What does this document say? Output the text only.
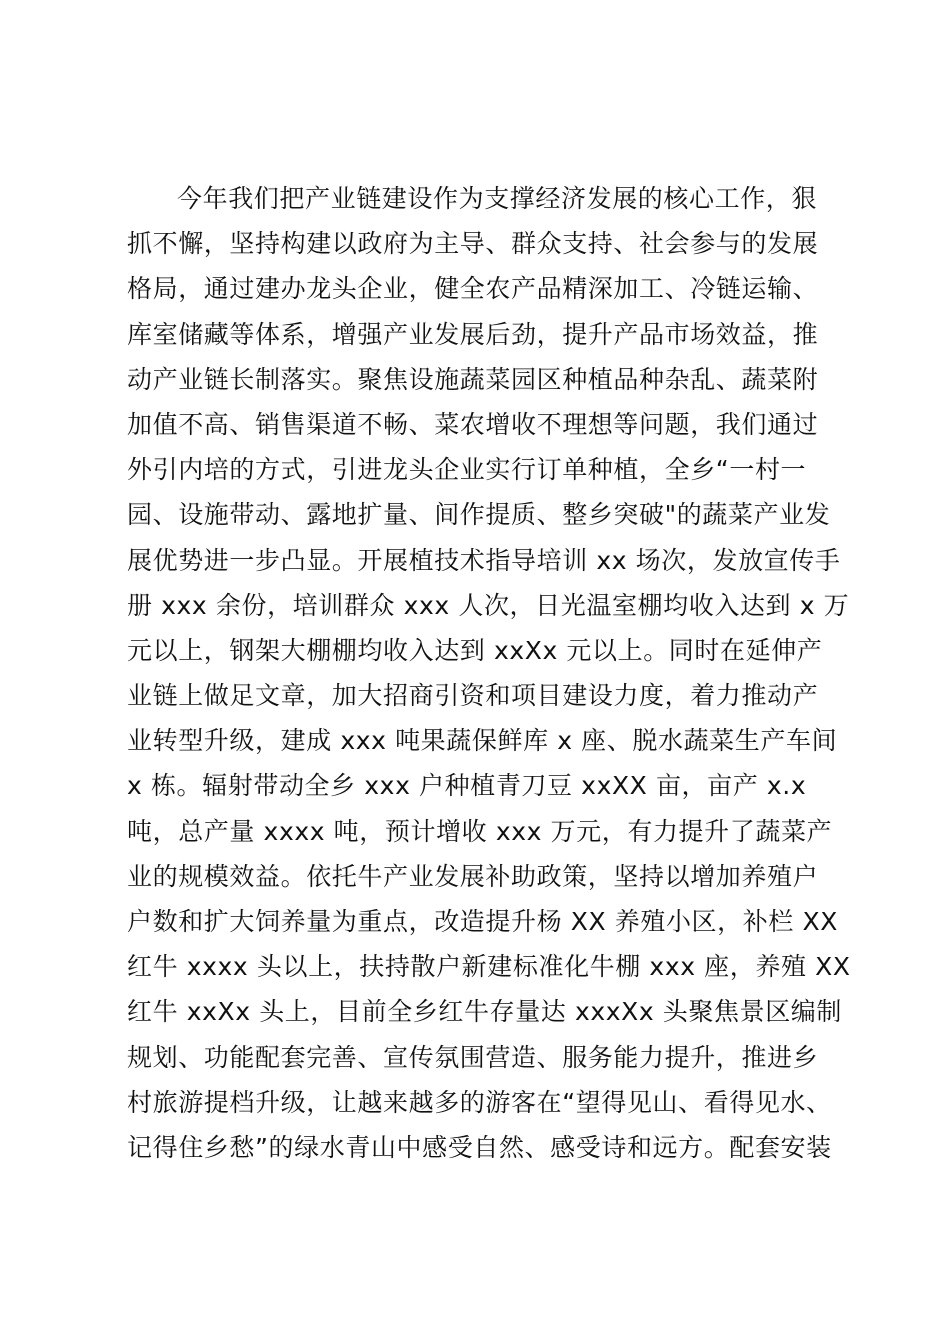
今年我们把产业链建设作为支撑经济发展的核心工作，狠
抓不懈，坚持构建以政府为主导、群众支持、社会参与的发展
格局，通过建办龙头企业，健全农产品精深加工、冷链运输、
库室储藏等体系，增强产业发展后劲，提升产品市场效益，推
动产业链长制落实。聚焦设施蔬菜园区种植品种杂乱、蔬菜附
加值不高、销售渠道不畅、菜农增收不理想等问题，我们通过
外引内培的方式，引进龙头企业实行订单种植，全乡“一村一
园、设施带动、露地扩量、间作提质、整乡突破"的蔬菜产业发
展优势进一步凸显。开展植技术指导培训 xx 场次，发放宣传手
册 xxx 余份，培训群众 xxx 人次，日光温室棚均收入达到 x 万
元以上，钢架大棚棚均收入达到 xxXx 元以上。同时在延伸产
业链上做足文章，加大招商引资和项目建设力度，着力推动产
业转型升级，建成 xxx 吨果蔬保鲜库 x 座、脱水蔬菜生产车间
x 栋。辐射带动全乡 xxx 户种植青刀豆 xxXX 亩，亩产 x.x
吨，总产量 xxxx 吨，预计增收 xxx 万元，有力提升了蔬菜产
业的规模效益。依托牛产业发展补助政策，坚持以增加养殖户
户数和扩大饲养量为重点，改造提升杨 XX 养殖小区，补栏 XX
红牛 xxxx 头以上，扶持散户新建标准化牛棚 xxx 座，养殖 XX
红牛 xxXx 头上，目前全乡红牛存量达 xxxXx 头聚焦景区编制
规划、功能配套完善、宣传氛围营造、服务能力提升，推进乡
村旅游提档升级，让越来越多的游客在“望得见山、看得见水、
记得住乡愁”的绿水青山中感受自然、感受诗和远方。配套安装
